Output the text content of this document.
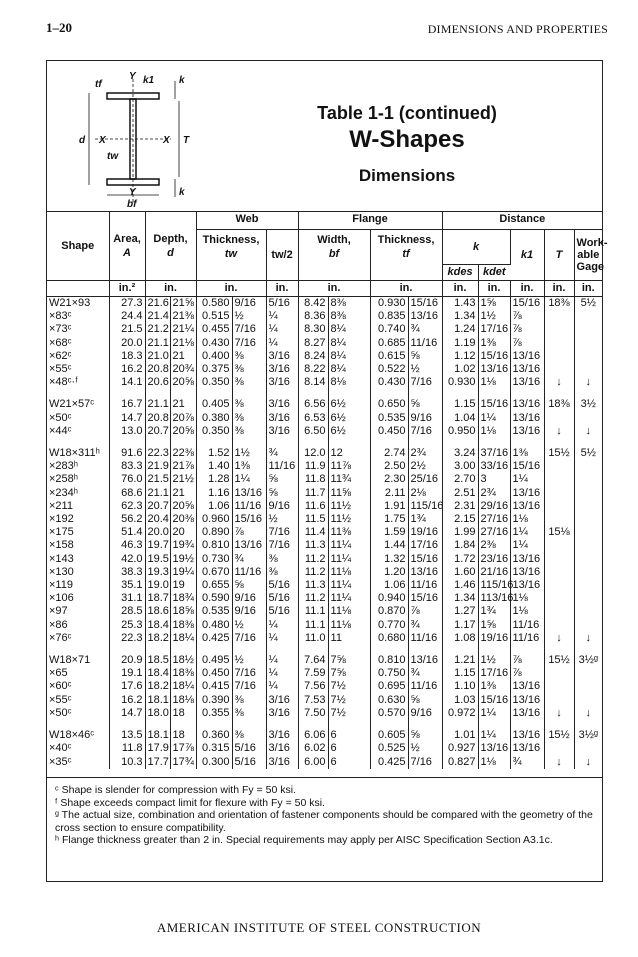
1–20	DIMENSIONS AND PROPERTIES
Y k1 k
tf
d X	X T
tw
Y
bf
k
Table 1-1 (continued)
W-Shapes
Dimensions
Shape	Area,
A	Depth,
d		Web			Flange				Distance				
				Thickness,
tw		tw/2	Width,
bf		Thickness,
tf		k		k1	T	Work-able Gage
											kdes	kdet			
	in.²	in.		in.		in.	in.		in.		in.	in.	in.	in.	in.
W21×93	27.3	21.6	21⅝	0.580	9/16	5/16	8.42	8⅜	0.930	15/16	1.43	1⅝	15/16	18⅜	5½
×83ᶜ	24.4	21.4	21⅜	0.515	½	¼	8.36	8⅜	0.835	13/16	1.34	1½	⅞		
×73ᶜ	21.5	21.2	21¼	0.455	7/16	¼	8.30	8¼	0.740	¾	1.24	17/16	⅞		
×68ᶜ	20.0	21.1	21⅛	0.430	7/16	¼	8.27	8¼	0.685	11/16	1.19	1⅜	⅞		
×62ᶜ	18.3	21.0	21	0.400	⅜	3/16	8.24	8¼	0.615	⅝	1.12	15/16	13/16		
×55ᶜ	16.2	20.8	20¾	0.375	⅜	3/16	8.22	8¼	0.522	½	1.02	13/16	13/16		
×48ᶜ·ᶠ	14.1	20.6	20⅝	0.350	⅜	3/16	8.14	8⅛	0.430	7/16	0.930	1⅛	13/16	↓	↓

W21×57ᶜ	16.7	21.1	21	0.405	⅜	3/16	6.56	6½	0.650	⅝	1.15	15/16	13/16	18⅜	3½
×50ᶜ	14.7	20.8	20⅞	0.380	⅜	3/16	6.53	6½	0.535	9/16	1.04	1¼	13/16		
×44ᶜ	13.0	20.7	20⅝	0.350	⅜	3/16	6.50	6½	0.450	7/16	0.950	1⅛	13/16	↓	↓

W18×311ʰ	91.6	22.3	22⅜	1.52	1½	¾	12.0	12	2.74	2¾	3.24	37/16	1⅜	15½	5½
×283ʰ	83.3	21.9	21⅞	1.40	1⅜	11/16	11.9	11⅞	2.50	2½	3.00	33/16	15/16		
×258ʰ	76.0	21.5	21½	1.28	1¼	⅝	11.8	11¾	2.30	25/16	2.70	3	1¼		
×234ʰ	68.6	21.1	21	1.16	13/16	⅝	11.7	11⅝	2.11	2⅛	2.51	2¾	13/16		
×211	62.3	20.7	20⅝	1.06	11/16	9/16	11.6	11½	1.91	115/16	2.31	29/16	13/16		
×192	56.2	20.4	20⅜	0.960	15/16	½	11.5	11½	1.75	1¾	2.15	27/16	1⅛		
×175	51.4	20.0	20	0.890	⅞	7/16	11.4	11⅜	1.59	19/16	1.99	27/16	1¼	15⅛	
×158	46.3	19.7	19¾	0.810	13/16	7/16	11.3	11¼	1.44	17/16	1.84	2⅜	1¼		
×143	42.0	19.5	19½	0.730	¾	⅜	11.2	11¼	1.32	15/16	1.72	23/16	13/16		
×130	38.3	19.3	19¼	0.670	11/16	⅜	11.2	11⅛	1.20	13/16	1.60	21/16	13/16		
×119	35.1	19.0	19	0.655	⅝	5/16	11.3	11¼	1.06	11/16	1.46	115/16	13/16		
×106	31.1	18.7	18¾	0.590	9/16	5/16	11.2	11¼	0.940	15/16	1.34	113/16	1⅛		
×97	28.5	18.6	18⅝	0.535	9/16	5/16	11.1	11⅛	0.870	⅞	1.27	1¾	1⅛		
×86	25.3	18.4	18⅜	0.480	½	¼	11.1	11⅛	0.770	¾	1.17	1⅝	11/16		
×76ᶜ	22.3	18.2	18¼	0.425	7/16	¼	11.0	11	0.680	11/16	1.08	19/16	11/16	↓	↓

W18×71	20.9	18.5	18½	0.495	½	¼	7.64	7⅝	0.810	13/16	1.21	1½	⅞	15½	3½ᵍ
×65	19.1	18.4	18⅜	0.450	7/16	¼	7.59	7⅝	0.750	¾	1.15	17/16	⅞		
×60ᶜ	17.6	18.2	18¼	0.415	7/16	¼	7.56	7½	0.695	11/16	1.10	1⅜	13/16		
×55ᶜ	16.2	18.1	18⅛	0.390	⅜	3/16	7.53	7½	0.630	⅝	1.03	15/16	13/16		
×50ᶜ	14.7	18.0	18	0.355	⅜	3/16	7.50	7½	0.570	9/16	0.972	1¼	13/16	↓	↓

W18×46ᶜ	13.5	18.1	18	0.360	⅜	3/16	6.06	6	0.605	⅝	1.01	1¼	13/16	15½	3½ᵍ
×40ᶜ	11.8	17.9	17⅞	0.315	5/16	3/16	6.02	6	0.525	½	0.927	13/16	13/16		
×35ᶜ	10.3	17.7	17¾	0.300	5/16	3/16	6.00	6	0.425	7/16	0.827	1⅛	¾	↓	↓

ᶜ Shape is slender for compression with Fy = 50 ksi.

ᶠ Shape exceeds compact limit for flexure with Fy = 50 ksi.

ᵍ The actual size, combination and orientation of fastener components should be compared with the geometry of the cross section to ensure compatibility.

ʰ Flange thickness greater than 2 in. Special requirements may apply per AISC Specification Section A3.1c.

AMERICAN INSTITUTE OF STEEL CONSTRUCTION
